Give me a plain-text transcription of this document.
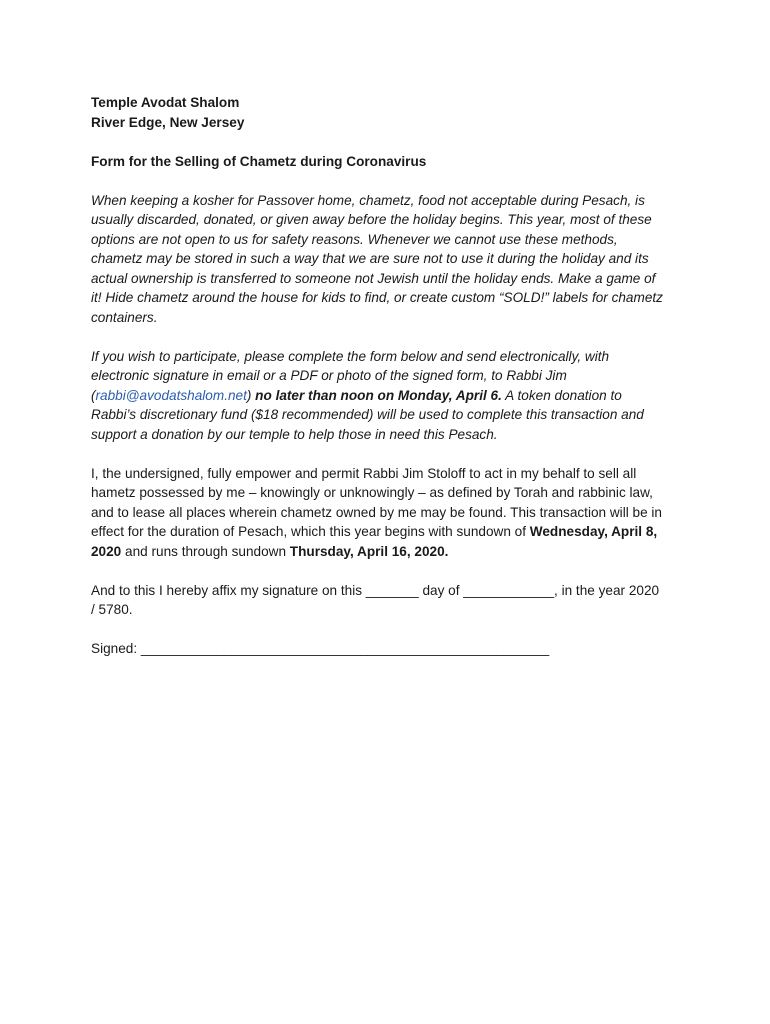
Temple Avodat Shalom
River Edge, New Jersey
Form for the Selling of Chametz during Coronavirus
When keeping a kosher for Passover home, chametz, food not acceptable during Pesach, is
usually discarded, donated, or given away before the holiday begins. This year, most of these
options are not open to us for safety reasons. Whenever we cannot use these methods,
chametz may be stored in such a way that we are sure not to use it during the holiday and its
actual ownership is transferred to someone not Jewish until the holiday ends. Make a game of
it! Hide chametz around the house for kids to find, or create custom “SOLD!” labels for chametz
containers.
If you wish to participate, please complete the form below and send electronically, with
electronic signature in email or a PDF or photo of the signed form, to Rabbi Jim
(rabbi@avodatshalom.net) no later than noon on Monday, April 6. A token donation to
Rabbi’s discretionary fund ($18 recommended) will be used to complete this transaction and
support a donation by our temple to help those in need this Pesach.
I, the undersigned, fully empower and permit Rabbi Jim Stoloff to act in my behalf to sell all
hametz possessed by me – knowingly or unknowingly – as defined by Torah and rabbinic law,
and to lease all places wherein chametz owned by me may be found. This transaction will be in
effect for the duration of Pesach, which this year begins with sundown of Wednesday, April 8,
2020 and runs through sundown Thursday, April 16, 2020.
And to this I hereby affix my signature on this _______ day of ____________, in the year 2020
/ 5780.
Signed: ______________________________________________________
